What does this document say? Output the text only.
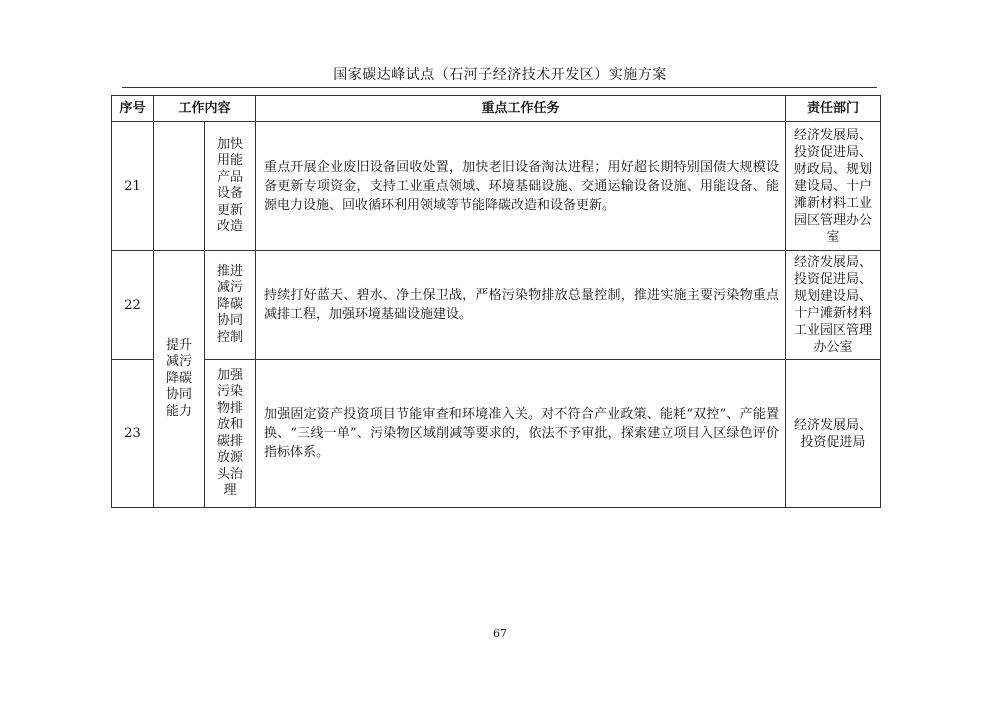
国家碳达峰试点（石河子经济技术开发区）实施方案
序号	工作内容		重点工作任务	责任部门
21		加快用能产品设备更新改造	重点开展企业废旧设备回收处置，加快老旧设备淘汰进程；用好超长期特别国债大规模设备更新专项资金，支持工业重点领域、环境基础设施、交通运输设备设施、用能设备、能源电力设施、回收循环利用领域等节能降碳改造和设备更新。	经济发展局、投资促进局、财政局、规划建设局、十户滩新材料工业园区管理办公室
22	提升减污降碳协同能力	推进减污降碳协同控制	持续打好蓝天、碧水、净土保卫战，严格污染物排放总量控制，推进实施主要污染物重点减排工程，加强环境基础设施建设。	经济发展局、投资促进局、规划建设局、十户滩新材料工业园区管理办公室
23		加强污染物排放和碳排放源头治理	加强固定资产投资项目节能审查和环境准入关。对不符合产业政策、能耗“双控”、产能置换、“三线一单”、污染物区域削减等要求的，依法不予审批，探索建立项目入区绿色评价指标体系。	经济发展局、投资促进局
67
